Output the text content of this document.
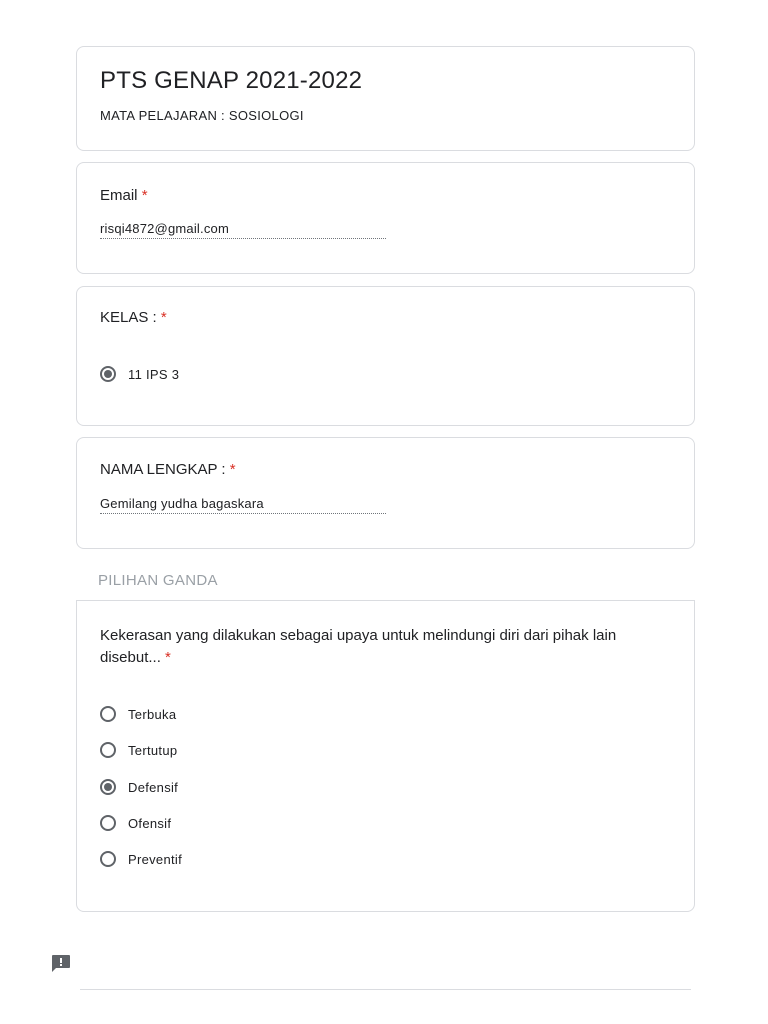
PTS GENAP 2021-2022
MATA PELAJARAN : SOSIOLOGI
Email *
risqi4872@gmail.com
KELAS : *
11 IPS 3
NAMA LENGKAP : *
Gemilang yudha bagaskara
PILIHAN GANDA
Kekerasan yang dilakukan sebagai upaya untuk melindungi diri dari pihak lain
disebut... *
Terbuka
Tertutup
Defensif
Ofensif
Preventif
